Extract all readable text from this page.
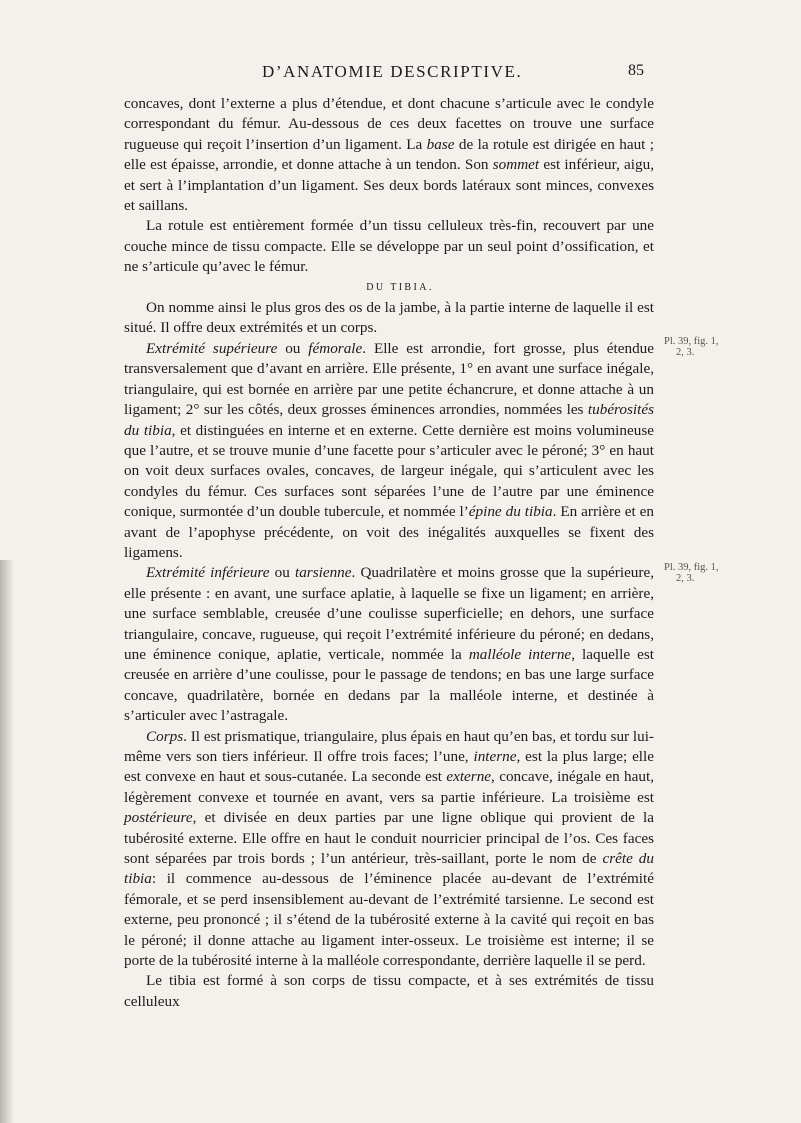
D’ANATOMIE DESCRIPTIVE.	85

concaves, dont l’externe a plus d’étendue, et dont chacune s’articule avec le condyle correspondant du fémur. Au-dessous de ces deux facettes on trouve une surface rugueuse qui reçoit l’insertion d’un ligament. La base de la rotule est dirigée en haut ; elle est épaisse, arrondie, et donne attache à un tendon. Son sommet est inférieur, aigu, et sert à l’implantation d’un ligament. Ses deux bords latéraux sont minces, convexes et saillans.

La rotule est entièrement formée d’un tissu celluleux très-fin, recouvert par une couche mince de tissu compacte. Elle se développe par un seul point d’ossification, et ne s’articule qu’avec le fémur.

DU TIBIA.

On nomme ainsi le plus gros des os de la jambe, à la partie interne de laquelle il est situé. Il offre deux extrémités et un corps.

Extrémité supérieure ou fémorale. Elle est arrondie, fort grosse, plus étendue transversalement que d’avant en arrière. Elle présente, 1° en avant une surface inégale, triangulaire, qui est bornée en arrière par une petite échancrure, et donne attache à un ligament; 2° sur les côtés, deux grosses éminences arrondies, nommées les tubérosités du tibia, et distinguées en interne et en externe. Cette dernière est moins volumineuse que l’autre, et se trouve munie d’une facette pour s’articuler avec le péroné; 3° en haut on voit deux surfaces ovales, concaves, de largeur inégale, qui s’articulent avec les condyles du fémur. Ces surfaces sont séparées l’une de l’autre par une éminence conique, surmontée d’un double tubercule, et nommée l’épine du tibia. En arrière et en avant de l’apophyse précédente, on voit des inégalités auxquelles se fixent des ligamens.

Extrémité inférieure ou tarsienne. Quadrilatère et moins grosse que la supérieure, elle présente : en avant, une surface aplatie, à laquelle se fixe un ligament; en arrière, une surface semblable, creusée d’une coulisse superficielle; en dehors, une surface triangulaire, concave, rugueuse, qui reçoit l’extrémité inférieure du péroné; en dedans, une éminence conique, aplatie, verticale, nommée la malléole interne, laquelle est creusée en arrière d’une coulisse, pour le passage de tendons; en bas une large surface concave, quadrilatère, bornée en dedans par la malléole interne, et destinée à s’articuler avec l’astragale.

Corps. Il est prismatique, triangulaire, plus épais en haut qu’en bas, et tordu sur lui-même vers son tiers inférieur. Il offre trois faces; l’une, interne, est la plus large; elle est convexe en haut et sous-cutanée. La seconde est externe, concave, inégale en haut, légèrement convexe et tournée en avant, vers sa partie inférieure. La troisième est postérieure, et divisée en deux parties par une ligne oblique qui provient de la tubérosité externe. Elle offre en haut le conduit nourricier principal de l’os. Ces faces sont séparées par trois bords ; l’un antérieur, très-saillant, porte le nom de crête du tibia: il commence au-dessous de l’éminence placée au-devant de l’extrémité fémorale, et se perd insensiblement au-devant de l’extrémité tarsienne. Le second est externe, peu prononcé ; il s’étend de la tubérosité externe à la cavité qui reçoit en bas le péroné; il donne attache au ligament inter-osseux. Le troisième est interne; il se porte de la tubérosité interne à la malléole correspondante, derrière laquelle il se perd.

Le tibia est formé à son corps de tissu compacte, et à ses extrémités de tissu celluleux

Pl. 39, fig. 1,
2, 3.
Pl. 39, fig. 1,
2, 3.
